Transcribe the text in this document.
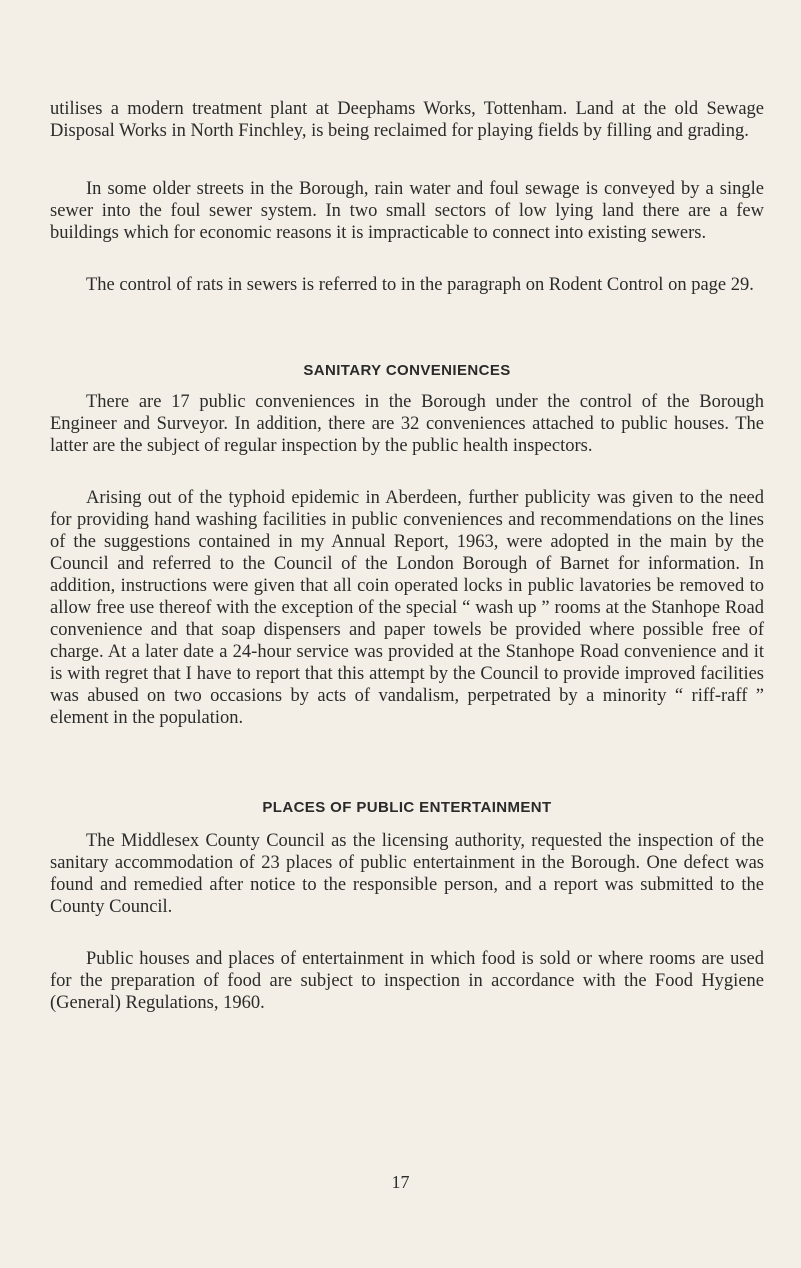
utilises a modern treatment plant at Deephams Works, Tottenham. Land at the old Sewage Disposal Works in North Finchley, is being reclaimed for playing fields by filling and grading.

In some older streets in the Borough, rain water and foul sewage is conveyed by a single sewer into the foul sewer system. In two small sectors of low lying land there are a few buildings which for economic reasons it is impracticable to connect into existing sewers.

The control of rats in sewers is referred to in the paragraph on Rodent Control on page 29.

SANITARY CONVENIENCES

There are 17 public conveniences in the Borough under the control of the Borough Engineer and Surveyor. In addition, there are 32 conveniences attached to public houses. The latter are the subject of regular inspection by the public health inspectors.

Arising out of the typhoid epidemic in Aberdeen, further publicity was given to the need for providing hand washing facilities in public conveniences and recommendations on the lines of the suggestions contained in my Annual Report, 1963, were adopted in the main by the Council and referred to the Council of the London Borough of Barnet for information. In addition, instructions were given that all coin operated locks in public lavatories be removed to allow free use thereof with the exception of the special “ wash up ” rooms at the Stanhope Road convenience and that soap dispensers and paper towels be provided where possible free of charge. At a later date a 24-hour service was provided at the Stanhope Road convenience and it is with regret that I have to report that this attempt by the Council to provide improved facilities was abused on two occasions by acts of vandalism, perpetrated by a minority “ riff-raff ” element in the population.

PLACES OF PUBLIC ENTERTAINMENT

The Middlesex County Council as the licensing authority, requested the inspection of the sanitary accommodation of 23 places of public entertainment in the Borough. One defect was found and remedied after notice to the responsible person, and a report was submitted to the County Council.

Public houses and places of entertainment in which food is sold or where rooms are used for the preparation of food are subject to inspection in accordance with the Food Hygiene (General) Regulations, 1960.

17
